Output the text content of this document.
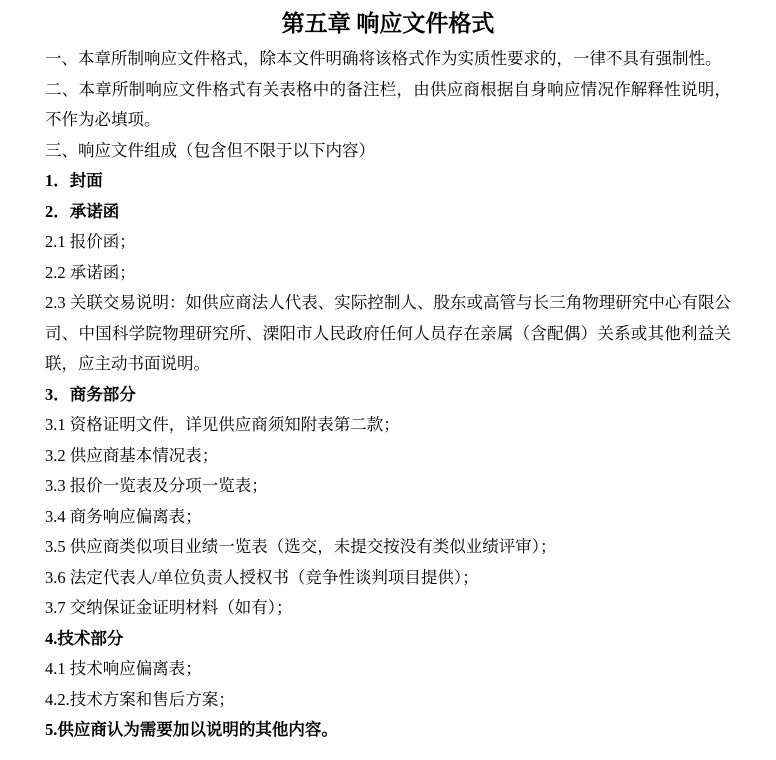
第五章 响应文件格式

一、本章所制响应文件格式，除本文件明确将该格式作为实质性要求的，一律不具有强制性。

二、本章所制响应文件格式有关表格中的备注栏，由供应商根据自身响应情况作解释性说明，不作为必填项。

三、响应文件组成（包含但不限于以下内容）

1．封面

2．承诺函

2.1 报价函；

2.2 承诺函；

2.3 关联交易说明：如供应商法人代表、实际控制人、股东或高管与长三角物理研究中心有限公司、中国科学院物理研究所、溧阳市人民政府任何人员存在亲属（含配偶）关系或其他利益关联，应主动书面说明。

3．商务部分

3.1 资格证明文件，详见供应商须知附表第二款；

3.2 供应商基本情况表；

3.3 报价一览表及分项一览表；

3.4 商务响应偏离表；

3.5 供应商类似项目业绩一览表（选交，未提交按没有类似业绩评审）；

3.6 法定代表人/单位负责人授权书（竞争性谈判项目提供）；

3.7 交纳保证金证明材料（如有）；

4.技术部分

4.1 技术响应偏离表；

4.2.技术方案和售后方案；

5.供应商认为需要加以说明的其他内容。
